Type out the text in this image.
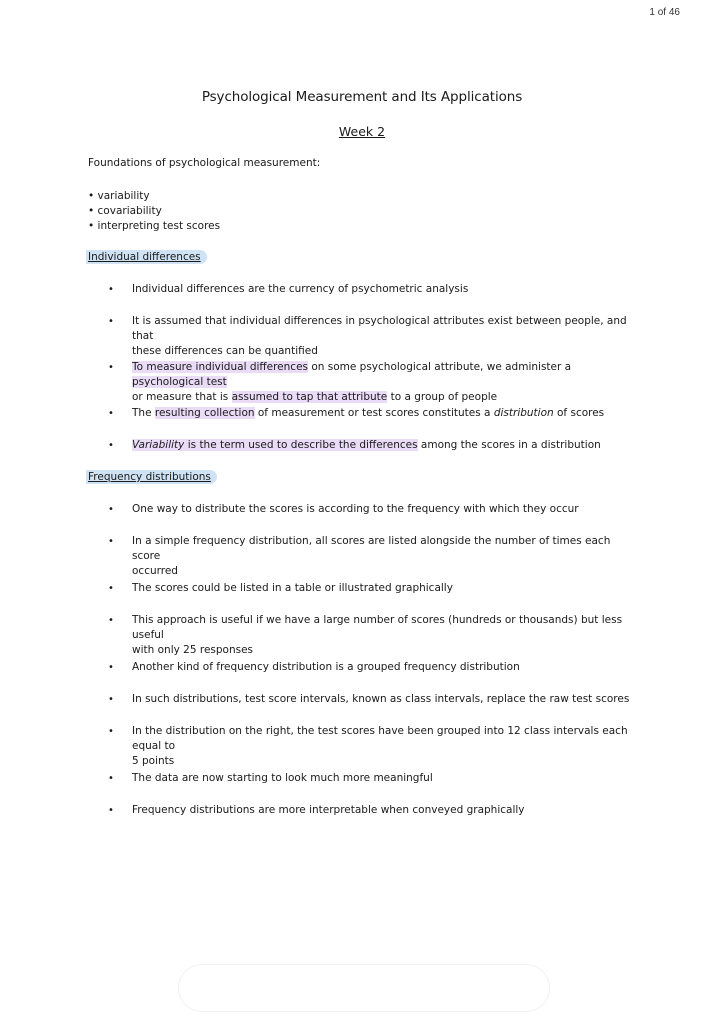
1 of 46
Psychological Measurement and Its Applications
Week 2
Foundations of psychological measurement:
• variability
• covariability
• interpreting test scores
Individual differences
•	Individual differences are the currency of psychometric analysis
•	It is assumed that individual differences in psychological attributes exist between people, and that
these differences can be quantified
•	To measure individual differences on some psychological attribute, we administer a psychological test
or measure that is assumed to tap that attribute to a group of people
•	The resulting collection of measurement or test scores constitutes a distribution of scores
•	Variability is the term used to describe the differences among the scores in a distribution
Frequency distributions
•	One way to distribute the scores is according to the frequency with which they occur
•	In a simple frequency distribution, all scores are listed alongside the number of times each score
occurred
•	The scores could be listed in a table or illustrated graphically
•	This approach is useful if we have a large number of scores (hundreds or thousands) but less useful
with only 25 responses
•	Another kind of frequency distribution is a grouped frequency distribution
•	In such distributions, test score intervals, known as class intervals, replace the raw test scores
•	In the distribution on the right, the test scores have been grouped into 12 class intervals each equal to
5 points
•	The data are now starting to look much more meaningful
•	Frequency distributions are more interpretable when conveyed graphically
